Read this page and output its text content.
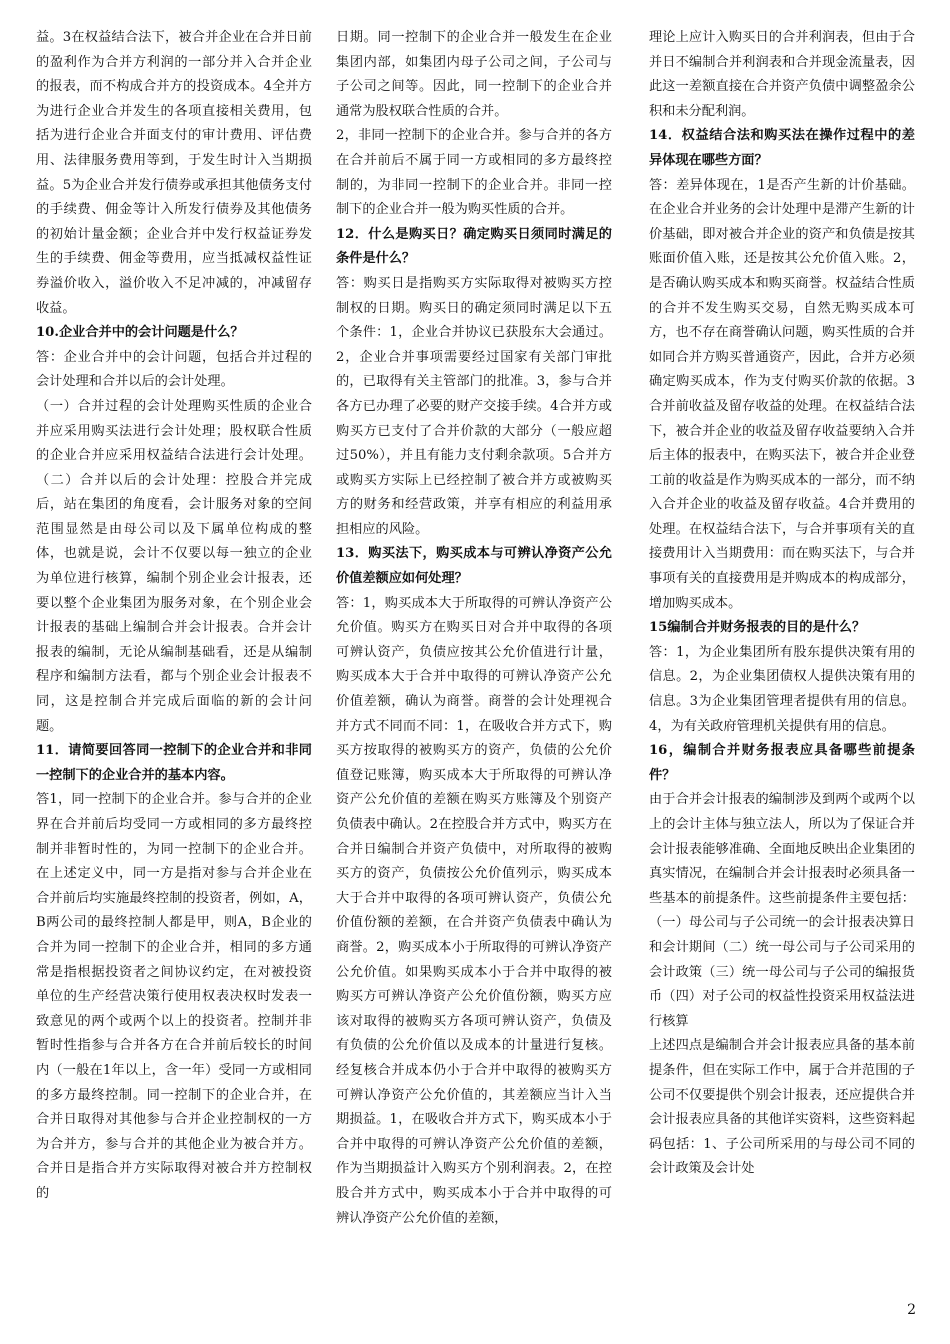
益。3在权益结合法下，被合并企业在合并日前的盈利作为合并方利润的一部分并入合并企业的报表，而不构成合并方的投资成本。4全并方为进行企业合并发生的各项直接相关费用，包括为进行企业合并面支付的审计费用、评估费用、法律服务费用等到，于发生时计入当期损益。5为企业合并发行债券或承担其他债务支付的手续费、佣金等计入所发行债券及其他债务的初始计量金额；企业合并中发行权益证券发生的手续费、佣金等费用，应当抵减权益性证券溢价收入，溢价收入不足冲减的，冲减留存收益。

10.企业合并中的会计问题是什么？

答：企业合并中的会计问题，包括合并过程的会计处理和合并以后的会计处理。

（一）合并过程的会计处理购买性质的企业合并应采用购买法进行会计处理；股权联合性质的企业合并应采用权益结合法进行会计处理。（二）合并以后的会计处理：控股合并完成后，站在集团的角度看，会计服务对象的空间范围显然是由母公司以及下属单位构成的整体，也就是说，会计不仅要以每一独立的企业为单位进行核算，编制个别企业会计报表，还要以整个企业集团为服务对象，在个别企业会计报表的基础上编制合并会计报表。合并会计报表的编制，无论从编制基础看，还是从编制程序和编制方法看，都与个别企业会计报表不同，这是控制合并完成后面临的新的会计问题。

11．请简要回答同一控制下的企业合并和非同一控制下的企业合并的基本内容。

答1，同一控制下的企业合并。参与合并的企业界在合并前后均受同一方或相同的多方最终控制并非暂时性的，为同一控制下的企业合并。在上述定义中，同一方是指对参与合并企业在合并前后均实施最终控制的投资者，例如，A，B两公司的最终控制人都是甲，则A，B企业的合并为同一控制下的企业合并，相同的多方通常是指根据投资者之间协议约定，在对被投资单位的生产经营决策行使用权表决权时发表一致意见的两个或两个以上的投资者。控制并非暂时性指参与合并各方在合并前后较长的时间内（一般在1年以上，含一年）受同一方或相同的多方最终控制。同一控制下的企业合并，在合并日取得对其他参与合并企业控制权的一方为合并方，参与合并的其他企业为被合并方。合并日是指合并方实际取得对被合并方控制权的

日期。同一控制下的企业合并一般发生在企业集团内部，如集团内母子公司之间，子公司与子公司之间等。因此，同一控制下的企业合并通常为股权联合性质的合并。

2，非同一控制下的企业合并。参与合并的各方在合并前后不属于同一方或相同的多方最终控制的，为非同一控制下的企业合并。非同一控制下的企业合并一般为购买性质的合并。

12．什么是购买日？确定购买日须同时满足的条件是什么？

答：购买日是指购买方实际取得对被购买方控制权的日期。购买日的确定须同时满足以下五个条件：1，企业合并协议已获股东大会通过。2，企业合并事项需要经过国家有关部门审批的，已取得有关主管部门的批准。3，参与合并各方已办理了必要的财产交接手续。4合并方或购买方已支付了合并价款的大部分（一般应超过50%），并且有能力支付剩余款项。5合并方或购买方实际上已经控制了被合并方或被购买方的财务和经营政策，并享有相应的利益用承担相应的风险。

13．购买法下，购买成本与可辨认净资产公允价值差额应如何处理？

答：1，购买成本大于所取得的可辨认净资产公允价值。购买方在购买日对合并中取得的各项可辨认资产，负债应按其公允价值进行计量，购买成本大于合并中取得的可辨认净资产公允价值差额，确认为商誉。商誉的会计处理视合并方式不同而不同：1，在吸收合并方式下，购买方按取得的被购买方的资产，负债的公允价值登记账簿，购买成本大于所取得的可辨认净资产公允价值的差额在购买方账簿及个别资产负债表中确认。2在控股合并方式中，购买方在合并日编制合并资产负债中，对所取得的被购买方的资产，负债按公允价值列示，购买成本大于合并中取得的各项可辨认资产，负债公允价值份额的差额，在合并资产负债表中确认为商誉。2，购买成本小于所取得的可辨认净资产公允价值。如果购买成本小于合并中取得的被购买方可辨认净资产公允价值份额，购买方应该对取得的被购买方各项可辨认资产，负债及有负债的公允价值以及成本的计量进行复核。经复核合并成本仍小于合并中取得的被购买方可辨认净资产公允价值的，其差额应当计入当期损益。1，在吸收合并方式下，购买成本小于合并中取得的可辨认净资产公允价值的差额，作为当期损益计入购买方个别利润表。2，在控股合并方式中，购买成本小于合并中取得的可辨认净资产公允价值的差额，

理论上应计入购买日的合并利润表，但由于合并日不编制合并利润表和合并现金流量表，因此这一差额直接在合并资产负债中调整盈余公积和未分配利润。

14．权益结合法和购买法在操作过程中的差异体现在哪些方面？

答：差异体现在，1是否产生新的计价基础。在企业合并业务的会计处理中是滞产生新的计价基础，即对被合并企业的资产和负债是按其账面价值入账，还是按其公允价值入账。2，是否确认购买成本和购买商誉。权益结合性质的合并不发生购买交易，自然无购买成本可方，也不存在商誉确认问题，购买性质的合并如同合并方购买普通资产，因此，合并方必须确定购买成本，作为支付购买价款的依据。3合并前收益及留存收益的处理。在权益结合法下，被合并企业的收益及留存收益要纳入合并后主体的报表中，在购买法下，被合并企业登工前的收益是作为购买成本的一部分，而不纳入合并企业的收益及留存收益。4合并费用的处理。在权益结合法下，与合并事项有关的直接费用计入当期费用：而在购买法下，与合并事项有关的直接费用是并购成本的构成部分，增加购买成本。

15编制合并财务报表的目的是什么？

答：1，为企业集团所有股东提供决策有用的信息。2，为企业集团债权人提供决策有用的信息。3为企业集团管理者提供有用的信息。4，为有关政府管理机关提供有用的信息。

16，编制合并财务报表应具备哪些前提条件？

由于合并会计报表的编制涉及到两个或两个以上的会计主体与独立法人，所以为了保证合并会计报表能够准确、全面地反映出企业集团的真实情况，在编制合并会计报表时必须具备一些基本的前提条件。这些前提条件主要包括：（一）母公司与子公司统一的会计报表决算日和会计期间（二）统一母公司与子公司采用的会计政策（三）统一母公司与子公司的编报货币（四）对子公司的权益性投资采用权益法进行核算

上述四点是编制合并会计报表应具备的基本前提条件，但在实际工作中，属于合并范围的子公司不仅要提供个别会计报表，还应提供合并会计报表应具备的其他详实资料，这些资料起码包括：1、子公司所采用的与母公司不同的会计政策及会计处

2
